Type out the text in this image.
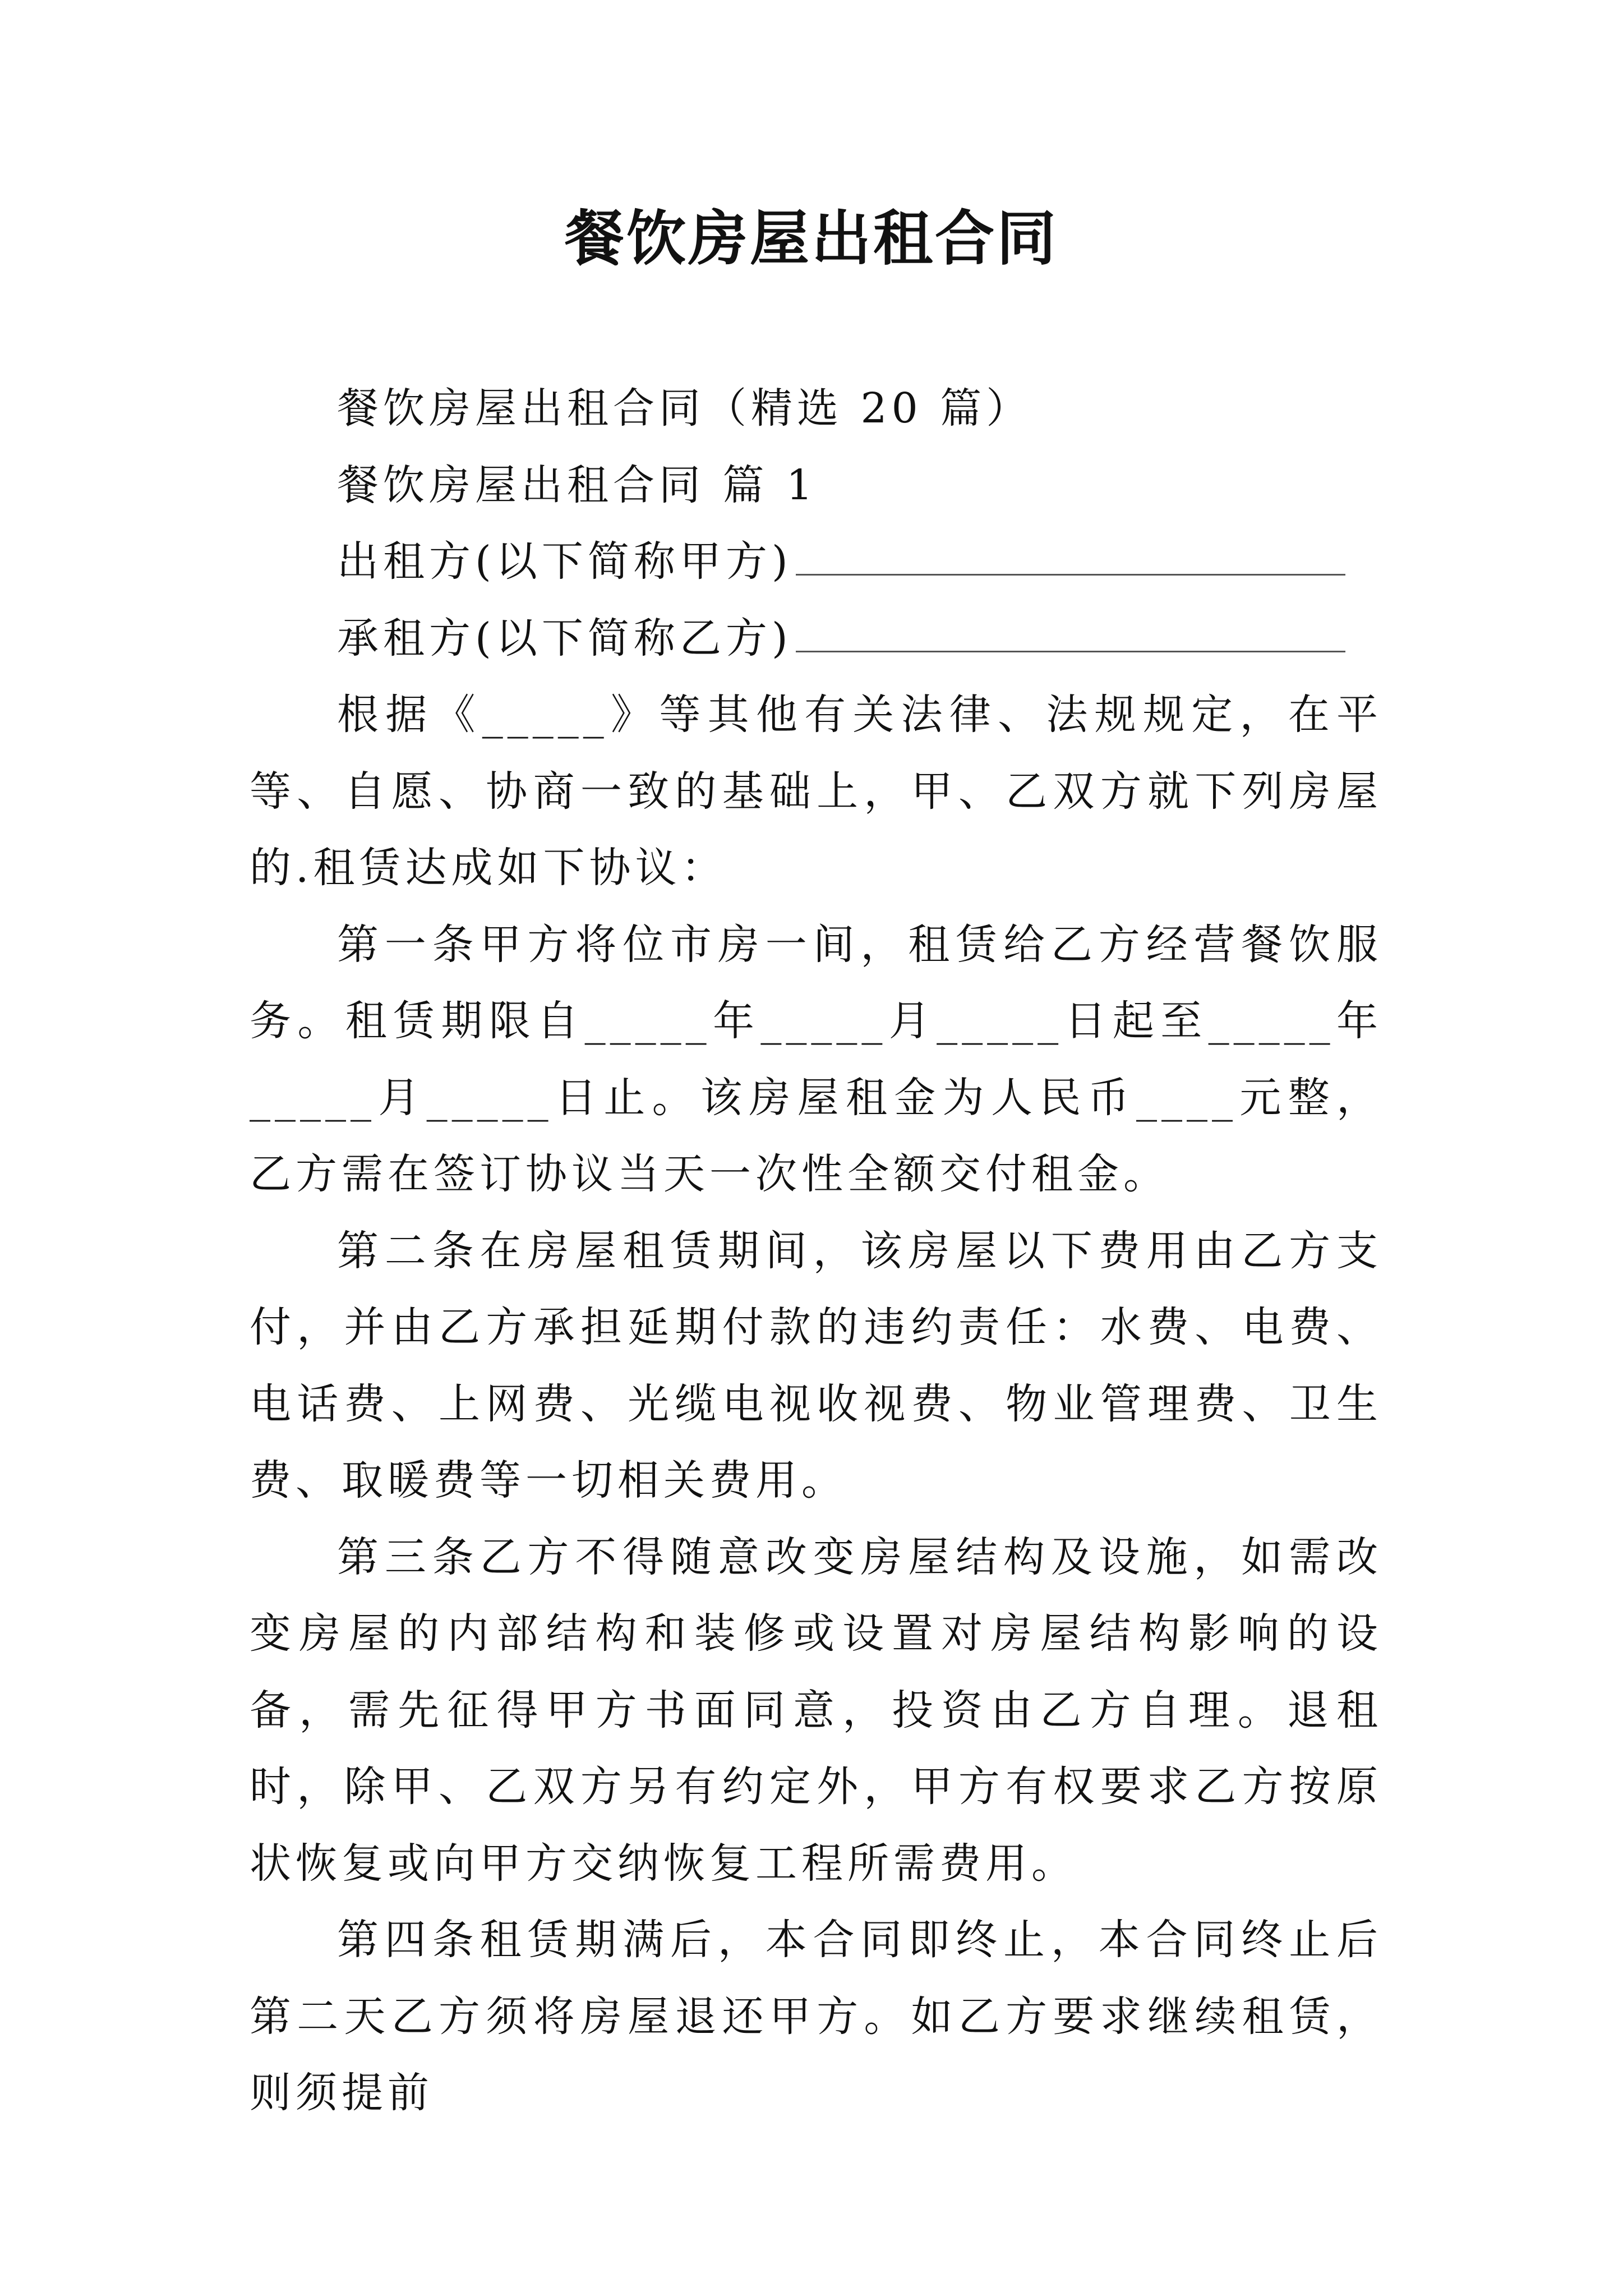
餐饮房屋出租合同

餐饮房屋出租合同（精选 20 篇）

餐饮房屋出租合同 篇 1

出租方(以下简称甲方)

承租方(以下简称乙方)

根据《_____》等其他有关法律、法规规定，在平等、自愿、协商一致的基础上，甲、乙双方就下列房屋的.租赁达成如下协议：

第一条甲方将位市房一间，租赁给乙方经营餐饮服务。租赁期限自_____年_____月_____日起至_____年_____月_____日止。该房屋租金为人民币____元整，乙方需在签订协议当天一次性全额交付租金。

第二条在房屋租赁期间，该房屋以下费用由乙方支付，并由乙方承担延期付款的违约责任：水费、电费、电话费、上网费、光缆电视收视费、物业管理费、卫生费、取暖费等一切相关费用。

第三条乙方不得随意改变房屋结构及设施，如需改变房屋的内部结构和装修或设置对房屋结构影响的设备，需先征得甲方书面同意，投资由乙方自理。退租时，除甲、乙双方另有约定外，甲方有权要求乙方按原状恢复或向甲方交纳恢复工程所需费用。

第四条租赁期满后，本合同即终止，本合同终止后第二天乙方须将房屋退还甲方。如乙方要求继续租赁，则须提前
